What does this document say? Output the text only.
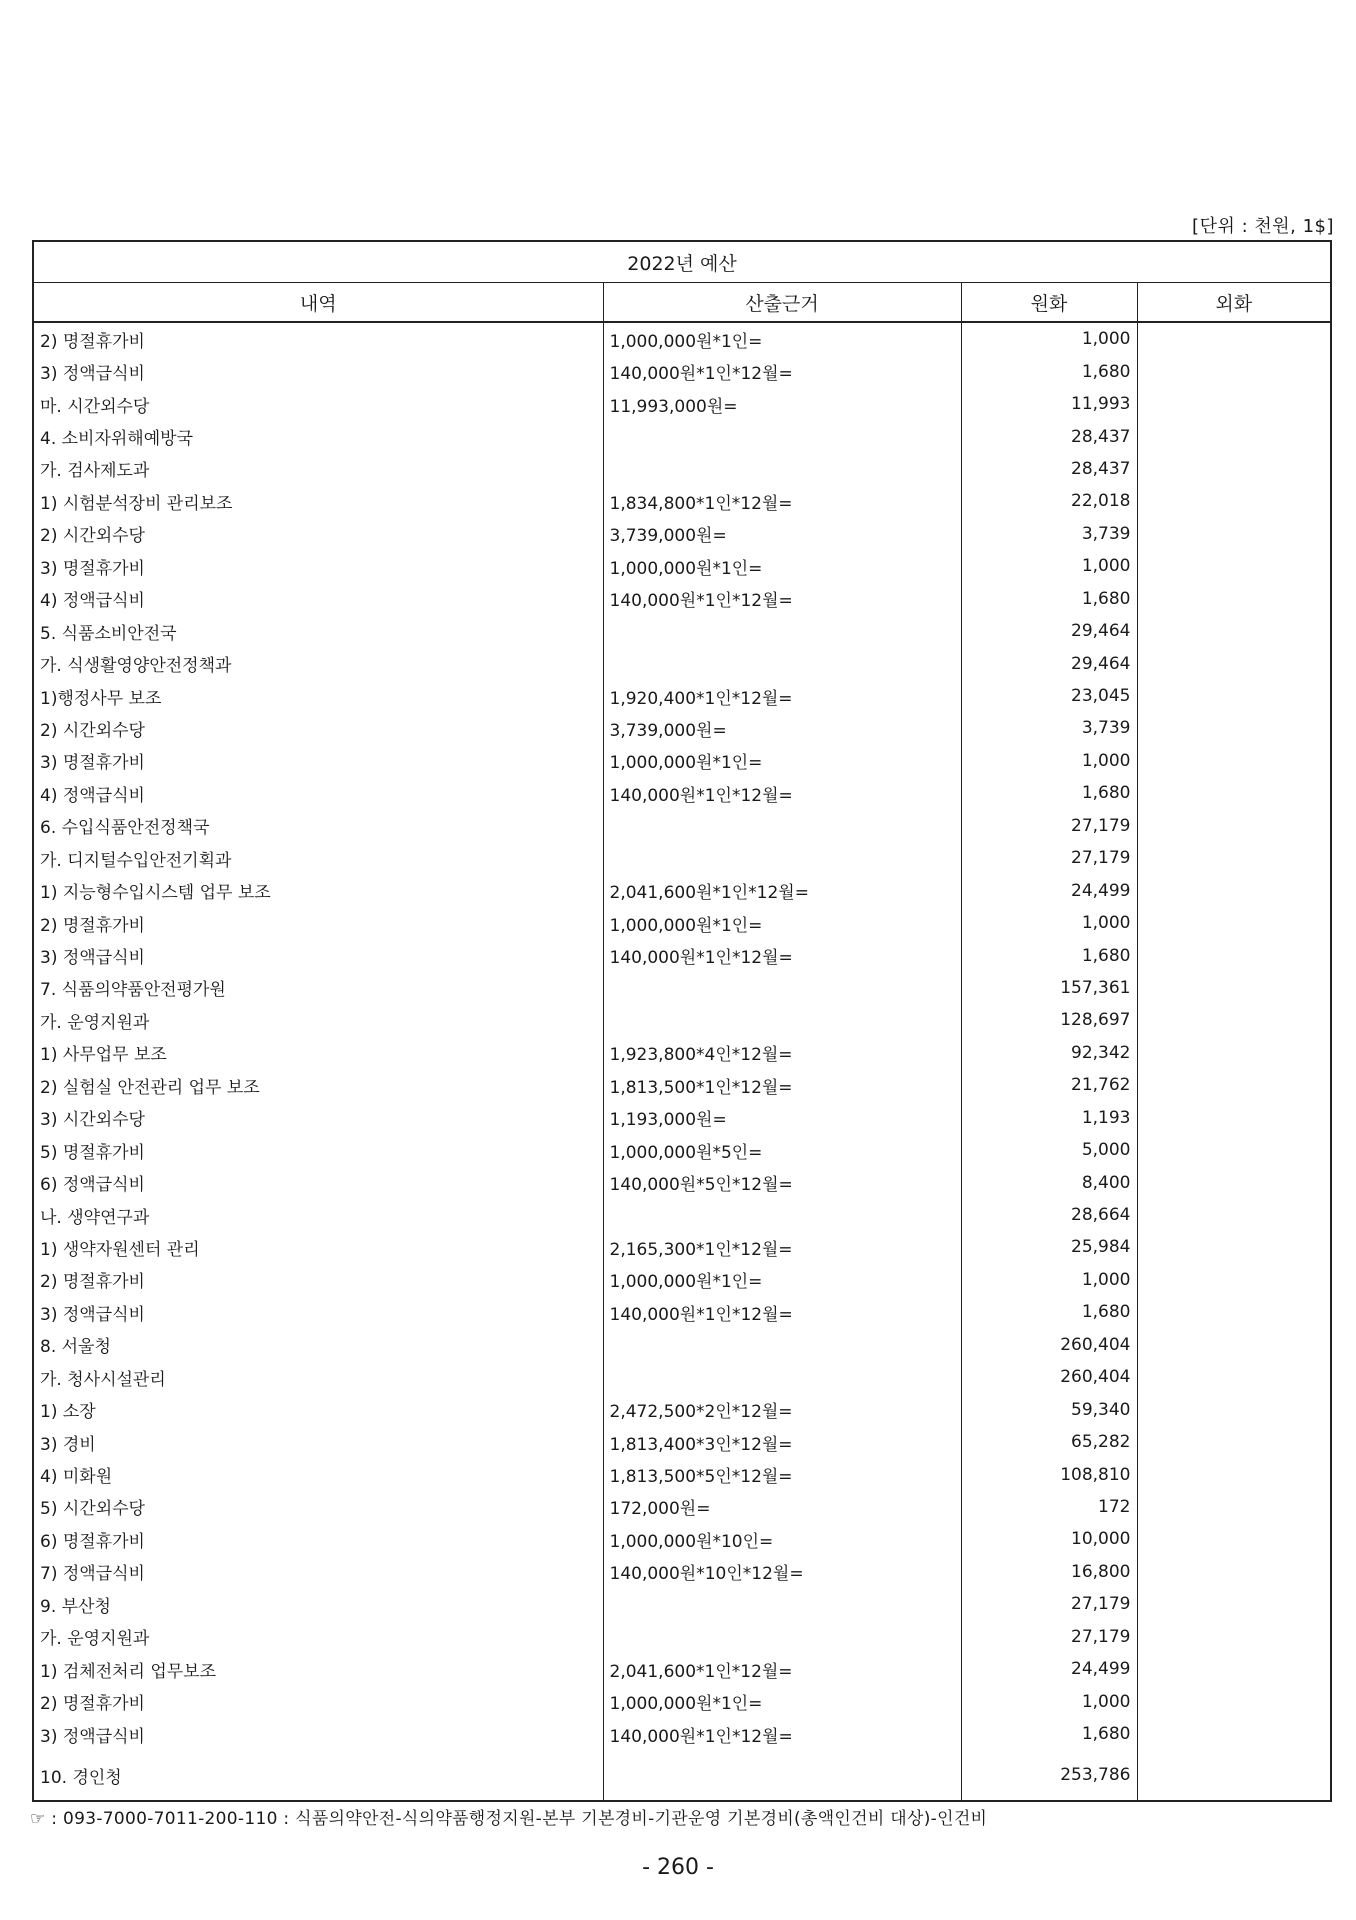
[단위 : 천원, 1$]
2022년 예산			
내역	산출근거	원화	외화
2) 명절휴가비	1,000,000원*1인=	1,000	
3) 정액급식비	140,000원*1인*12월=	1,680	
마. 시간외수당	11,993,000원=	11,993	
4. 소비자위해예방국		28,437	
가. 검사제도과		28,437	
1) 시험분석장비 관리보조	1,834,800*1인*12월=	22,018	
2) 시간외수당	3,739,000원=	3,739	
3) 명절휴가비	1,000,000원*1인=	1,000	
4) 정액급식비	140,000원*1인*12월=	1,680	
5. 식품소비안전국		29,464	
가. 식생활영양안전정책과		29,464	
1)행정사무 보조	1,920,400*1인*12월=	23,045	
2) 시간외수당	3,739,000원=	3,739	
3) 명절휴가비	1,000,000원*1인=	1,000	
4) 정액급식비	140,000원*1인*12월=	1,680	
6. 수입식품안전정책국		27,179	
가. 디지털수입안전기획과		27,179	
1) 지능형수입시스템 업무 보조	2,041,600원*1인*12월=	24,499	
2) 명절휴가비	1,000,000원*1인=	1,000	
3) 정액급식비	140,000원*1인*12월=	1,680	
7. 식품의약품안전평가원		157,361	
가. 운영지원과		128,697	
1) 사무업무 보조	1,923,800*4인*12월=	92,342	
2) 실험실 안전관리 업무 보조	1,813,500*1인*12월=	21,762	
3) 시간외수당	1,193,000원=	1,193	
5) 명절휴가비	1,000,000원*5인=	5,000	
6) 정액급식비	140,000원*5인*12월=	8,400	
나. 생약연구과		28,664	
1) 생약자원센터 관리	2,165,300*1인*12월=	25,984	
2) 명절휴가비	1,000,000원*1인=	1,000	
3) 정액급식비	140,000원*1인*12월=	1,680	
8. 서울청		260,404	
가. 청사시설관리		260,404	
1) 소장	2,472,500*2인*12월=	59,340	
3) 경비	1,813,400*3인*12월=	65,282	
4) 미화원	1,813,500*5인*12월=	108,810	
5) 시간외수당	172,000원=	172	
6) 명절휴가비	1,000,000원*10인=	10,000	
7) 정액급식비	140,000원*10인*12월=	16,800	
9. 부산청		27,179	
가. 운영지원과		27,179	
1) 검체전처리 업무보조	2,041,600*1인*12월=	24,499	
2) 명절휴가비	1,000,000원*1인=	1,000	
3) 정액급식비	140,000원*1인*12월=	1,680	
10. 경인청		253,786	
☞ : 093-7000-7011-200-110 : 식품의약안전-식의약품행정지원-본부 기본경비-기관운영 기본경비(총액인건비 대상)-인건비
- 260 -
